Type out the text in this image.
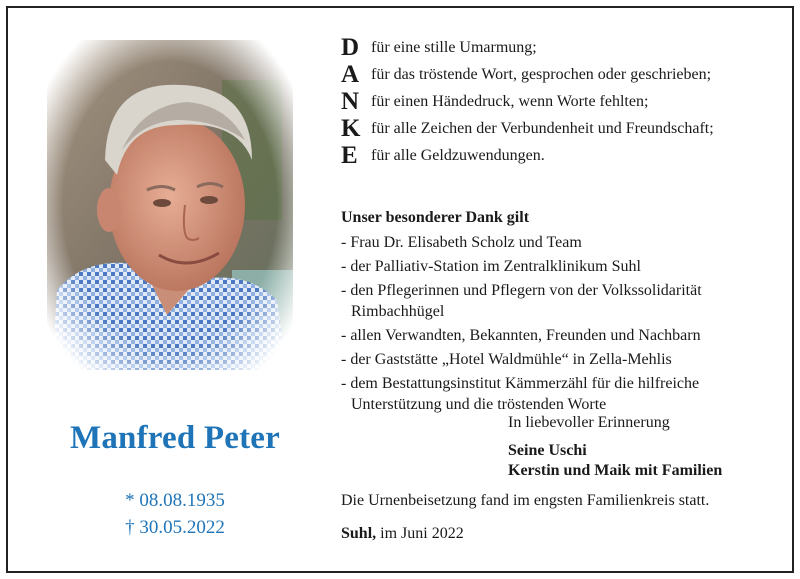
Manfred Peter
* 08.08.1935
† 30.05.2022
D für eine stille Umarmung;
A für das tröstende Wort, gesprochen oder geschrieben;
N für einen Händedruck, wenn Worte fehlten;
K für alle Zeichen der Verbundenheit und Freundschaft;
E für alle Geldzuwendungen.
Unser besonderer Dank gilt
- Frau Dr. Elisabeth Scholz und Team
- der Palliativ-Station im Zentralklinikum Suhl
- den Pflegerinnen und Pflegern von der Volkssolidarität
Rimbachhügel
- allen Verwandten, Bekannten, Freunden und Nachbarn
- der Gaststätte „Hotel Waldmühle“ in Zella-Mehlis
- dem Bestattungsinstitut Kämmerzähl für die hilfreiche
Unterstützung und die tröstenden Worte
In liebevoller Erinnerung
Seine Uschi
Kerstin und Maik mit Familien
Die Urnenbeisetzung fand im engsten Familienkreis statt.
Suhl, im Juni 2022
